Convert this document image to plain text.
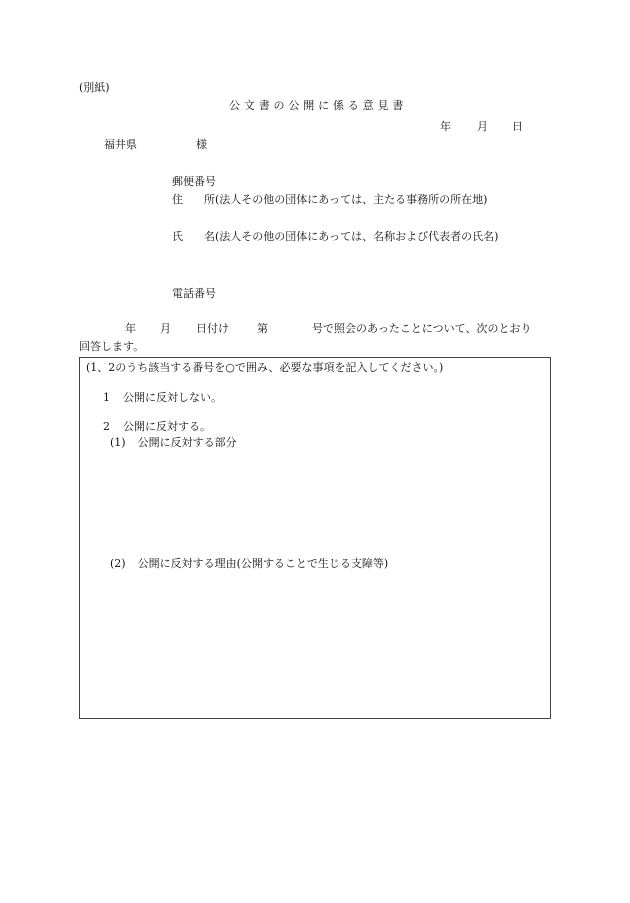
(別紙)
公文書の公開に係る意見書
年 月 日
福井県	様
郵便番号
住 所(法人その他の団体にあっては、主たる事務所の所在地)
氏 名(法人その他の団体にあっては、名称および代表者の氏名)
電話番号
年 月 日付け	第	号で照会のあったことについて、次のとおり
回答します。
(1、2のうち該当する番号を○で囲み、必要な事項を記入してください。)
1 公開に反対しない。
2 公開に反対する。
(1) 公開に反対する部分
(2) 公開に反対する理由(公開することで生じる支障等)
